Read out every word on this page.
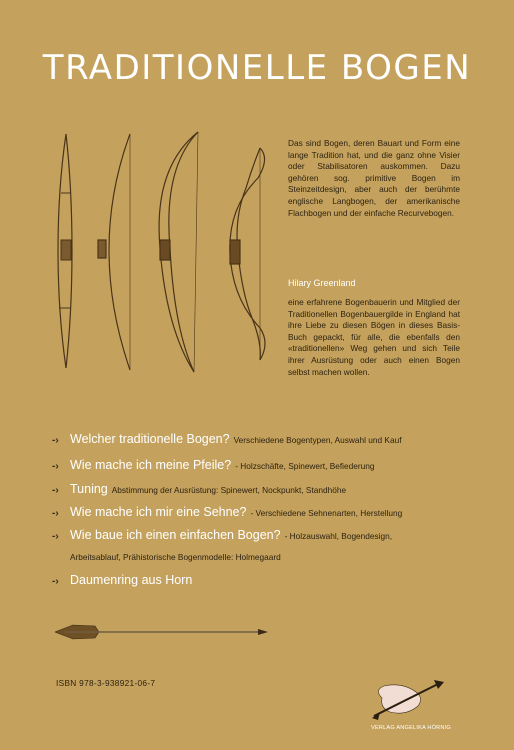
TRADITIONELLE BOGEN
Das sind Bogen, deren Bauart und Form eine lange Tradition hat, und die ganz ohne Visier oder Stabilisatoren auskommen. Dazu gehören sog. primitive Bogen im Steinzeitdesign, aber auch der berühmte englische Langbogen, der amerikanische Flachbogen und der einfache Recurvebogen.
Hilary Greenland
eine erfahrene Bogenbauerin und Mitglied der Traditionellen Bogenbauergilde in England hat ihre Liebe zu diesen Bögen in dieses Basis-Buch gepackt, für alle, die ebenfalls den «traditionellen» Weg gehen und sich Teile ihrer Ausrüstung oder auch einen Bogen selbst machen wollen.
-› Welcher traditionelle Bogen? Verschiedene Bogentypen, Auswahl und Kauf
-› Wie mache ich meine Pfeile? - Holzschäfte, Spinewert, Befiederung
-› Tuning Abstimmung der Ausrüstung: Spinewert, Nockpunkt, Standhöhe
-› Wie mache ich mir eine Sehne? - Verschiedene Sehnenarten, Herstellung
-› Wie baue ich einen einfachen Bogen? - Holzauswahl, Bogendesign,
Arbeitsablauf, Prähistorische Bogenmodelle: Holmegaard
-› Daumenring aus Horn
ISBN 978-3-938921-06-7
VERLAG ANGELIKA HÖRNIG
